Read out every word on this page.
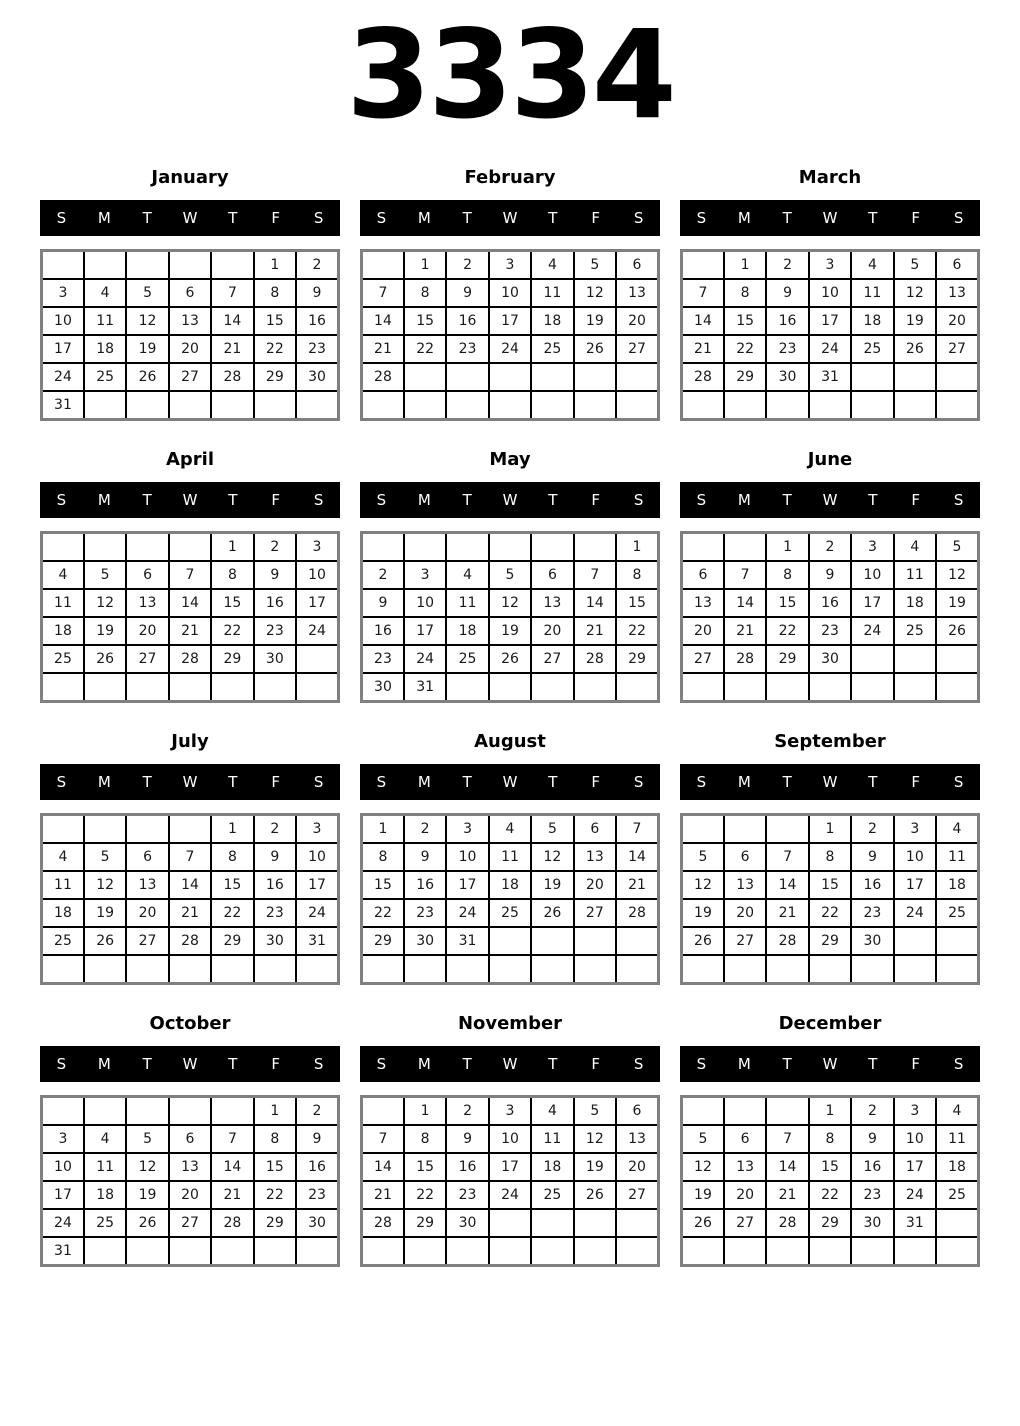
3334
January
S	M	T	W	T	F	S
					1	2
3	4	5	6	7	8	9
10	11	12	13	14	15	16
17	18	19	20	21	22	23
24	25	26	27	28	29	30
31						
February
S	M	T	W	T	F	S
	1	2	3	4	5	6
7	8	9	10	11	12	13
14	15	16	17	18	19	20
21	22	23	24	25	26	27
28						

March
S	M	T	W	T	F	S
	1	2	3	4	5	6
7	8	9	10	11	12	13
14	15	16	17	18	19	20
21	22	23	24	25	26	27
28	29	30	31			

April
S	M	T	W	T	F	S
				1	2	3
4	5	6	7	8	9	10
11	12	13	14	15	16	17
18	19	20	21	22	23	24
25	26	27	28	29	30	

May
S	M	T	W	T	F	S
						1
2	3	4	5	6	7	8
9	10	11	12	13	14	15
16	17	18	19	20	21	22
23	24	25	26	27	28	29
30	31					
June
S	M	T	W	T	F	S
		1	2	3	4	5
6	7	8	9	10	11	12
13	14	15	16	17	18	19
20	21	22	23	24	25	26
27	28	29	30			

July
S	M	T	W	T	F	S
				1	2	3
4	5	6	7	8	9	10
11	12	13	14	15	16	17
18	19	20	21	22	23	24
25	26	27	28	29	30	31

August
S	M	T	W	T	F	S
1	2	3	4	5	6	7
8	9	10	11	12	13	14
15	16	17	18	19	20	21
22	23	24	25	26	27	28
29	30	31				

September
S	M	T	W	T	F	S
			1	2	3	4
5	6	7	8	9	10	11
12	13	14	15	16	17	18
19	20	21	22	23	24	25
26	27	28	29	30		

October
S	M	T	W	T	F	S
					1	2
3	4	5	6	7	8	9
10	11	12	13	14	15	16
17	18	19	20	21	22	23
24	25	26	27	28	29	30
31						
November
S	M	T	W	T	F	S
	1	2	3	4	5	6
7	8	9	10	11	12	13
14	15	16	17	18	19	20
21	22	23	24	25	26	27
28	29	30				

December
S	M	T	W	T	F	S
			1	2	3	4
5	6	7	8	9	10	11
12	13	14	15	16	17	18
19	20	21	22	23	24	25
26	27	28	29	30	31	
